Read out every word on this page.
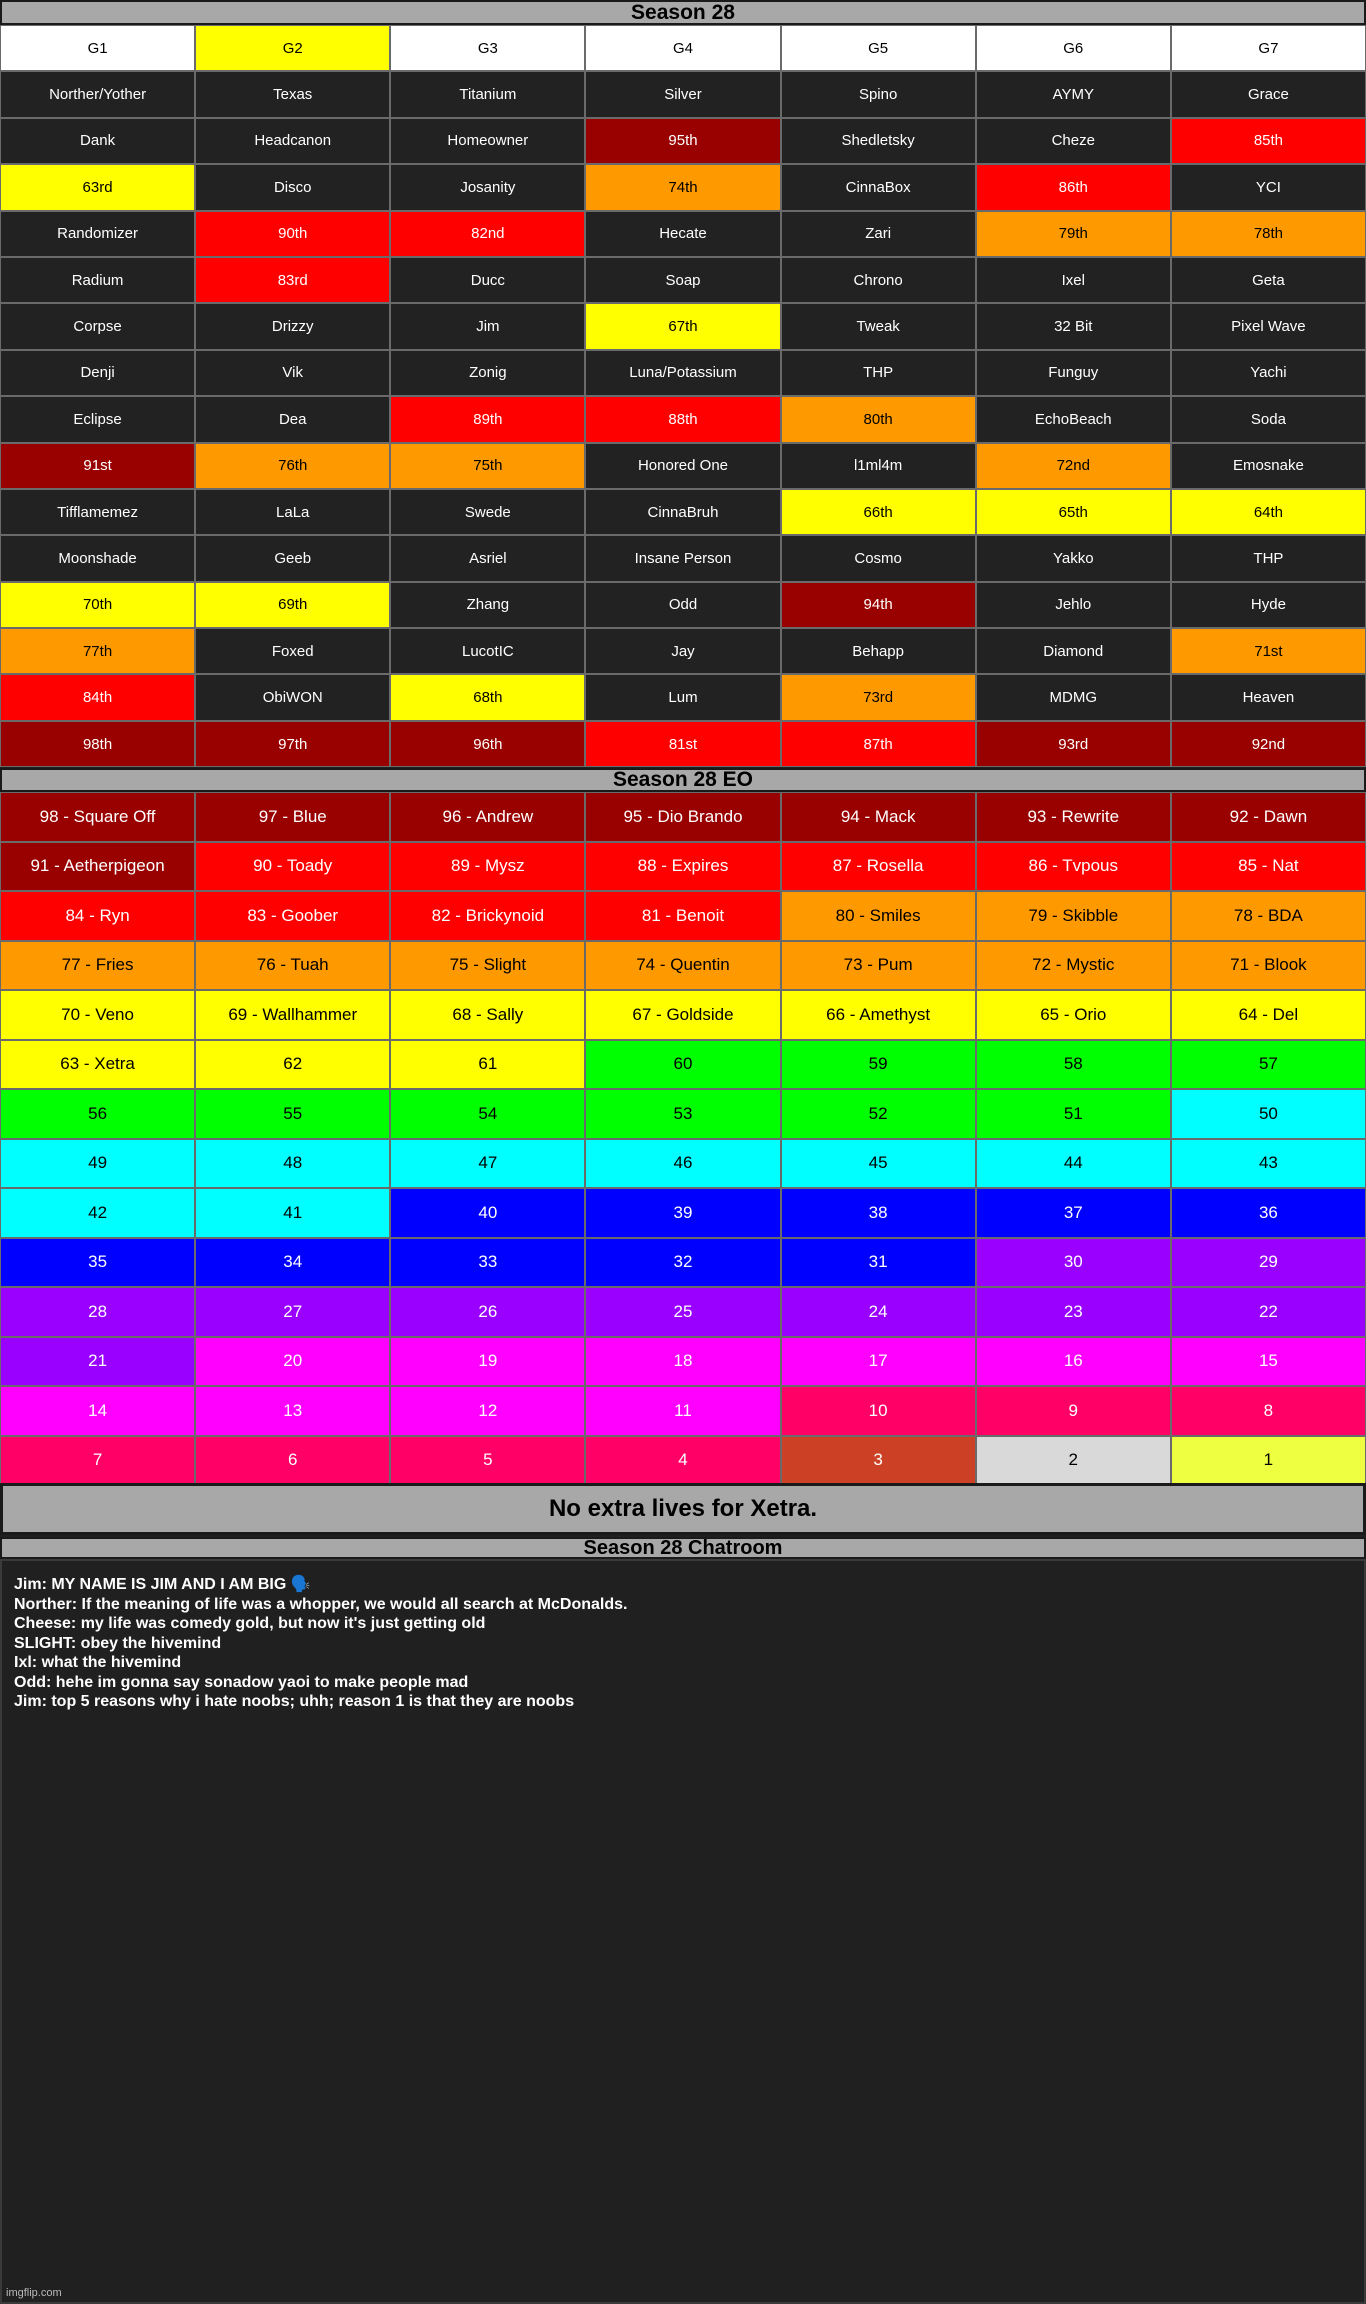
Season 28
G1	G2	G3	G4	G5	G6	G7
Norther/Yother	Texas	Titanium	Silver	Spino	AYMY	Grace
Dank	Headcanon	Homeowner	95th	Shedletsky	Cheze	85th
63rd	Disco	Josanity	74th	CinnaBox	86th	YCI
Randomizer	90th	82nd	Hecate	Zari	79th	78th
Radium	83rd	Ducc	Soap	Chrono	Ixel	Geta
Corpse	Drizzy	Jim	67th	Tweak	32 Bit	Pixel Wave
Denji	Vik	Zonig	Luna/Potassium	THP	Funguy	Yachi
Eclipse	Dea	89th	88th	80th	EchoBeach	Soda
91st	76th	75th	Honored One	l1ml4m	72nd	Emosnake
Tifflamemez	LaLa	Swede	CinnaBruh	66th	65th	64th
Moonshade	Geeb	Asriel	Insane Person	Cosmo	Yakko	THP
70th	69th	Zhang	Odd	94th	Jehlo	Hyde
77th	Foxed	LucotIC	Jay	Behapp	Diamond	71st
84th	ObiWON	68th	Lum	73rd	MDMG	Heaven
98th	97th	96th	81st	87th	93rd	92nd
Season 28 EO
98 - Square Off	97 - Blue	96 - Andrew	95 - Dio Brando	94 - Mack	93 - Rewrite	92 - Dawn
91 - Aetherpigeon	90 - Toady	89 - Mysz	88 - Expires	87 - Rosella	86 - Tvpous	85 - Nat
84 - Ryn	83 - Goober	82 - Brickynoid	81 - Benoit	80 - Smiles	79 - Skibble	78 - BDA
77 - Fries	76 - Tuah	75 - Slight	74 - Quentin	73 - Pum	72 - Mystic	71 - Blook
70 - Veno	69 - Wallhammer	68 - Sally	67 - Goldside	66 - Amethyst	65 - Orio	64 - Del
63 - Xetra	62	61	60	59	58	57
56	55	54	53	52	51	50
49	48	47	46	45	44	43
42	41	40	39	38	37	36
35	34	33	32	31	30	29
28	27	26	25	24	23	22
21	20	19	18	17	16	15
14	13	12	11	10	9	8
7	6	5	4	3	2	1
No extra lives for Xetra.
Season 28 Chatroom
Jim: MY NAME IS JIM AND I AM BIG 🗣️
Norther: If the meaning of life was a whopper, we would all search at McDonalds.
Cheese: my life was comedy gold, but now it's just getting old
SLIGHT: obey the hivemind
Ixl: what the hivemind
Odd: hehe im gonna say sonadow yaoi to make people mad
Jim: top 5 reasons why i hate noobs; uhh; reason 1 is that they are noobs
imgflip.com
